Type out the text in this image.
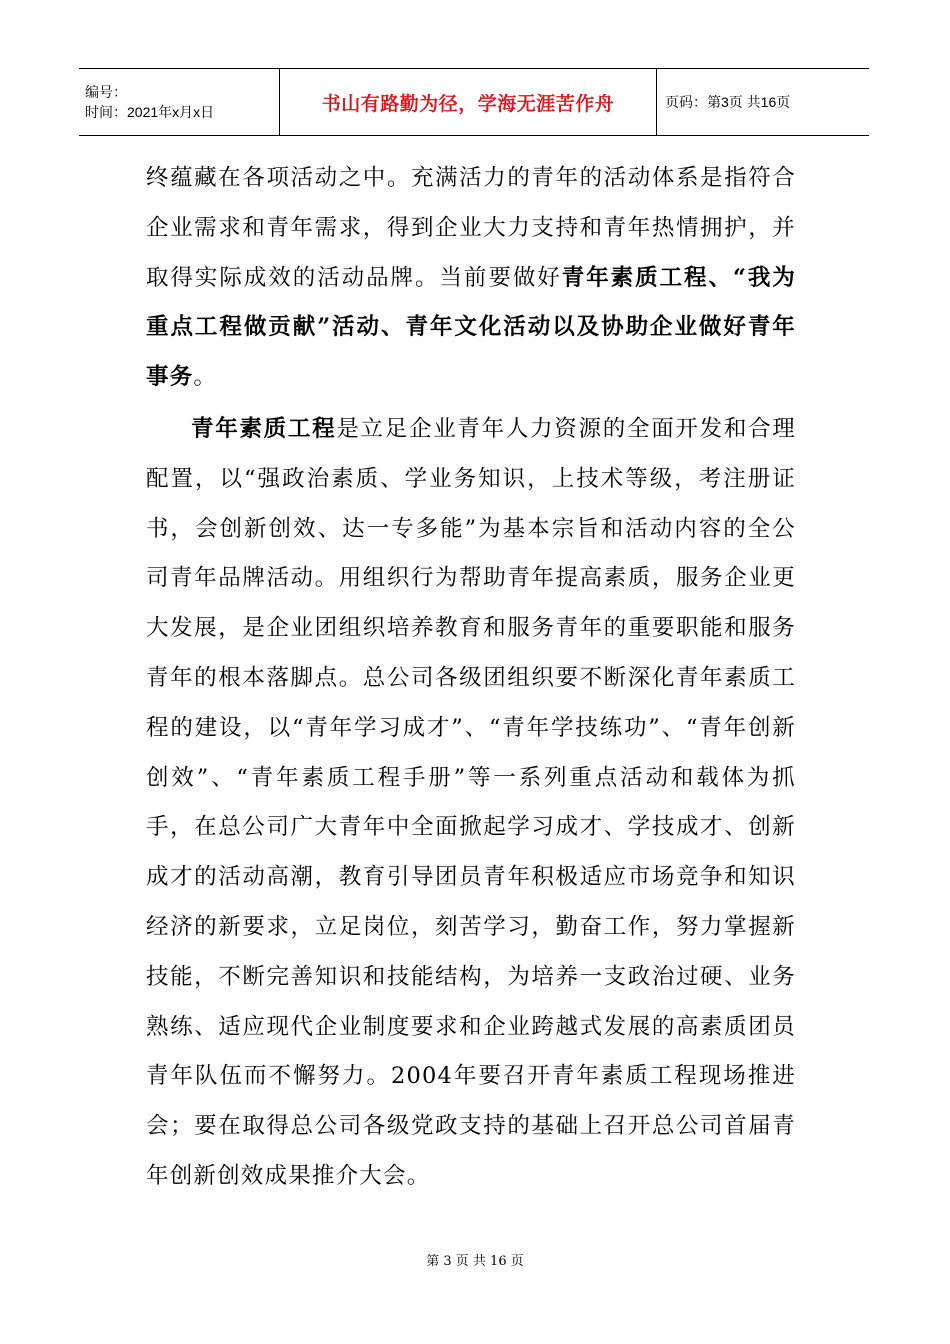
编号：
时间：2021年x月x日	书山有路勤为径，学海无涯苦作舟	页码：第3页 共16页

终蕴藏在各项活动之中。充满活力的青年的活动体系是指符合企业需求和青年需求，得到企业大力支持和青年热情拥护，并取得实际成效的活动品牌。当前要做好青年素质工程、“我为重点工程做贡献”活动、青年文化活动以及协助企业做好青年事务。

青年素质工程是立足企业青年人力资源的全面开发和合理配置，以“强政治素质、学业务知识，上技术等级，考注册证书，会创新创效、达一专多能”为基本宗旨和活动内容的全公司青年品牌活动。用组织行为帮助青年提高素质，服务企业更大发展，是企业团组织培养教育和服务青年的重要职能和服务青年的根本落脚点。总公司各级团组织要不断深化青年素质工程的建设，以“青年学习成才”、“青年学技练功”、“青年创新创效”、“青年素质工程手册”等一系列重点活动和载体为抓手，在总公司广大青年中全面掀起学习成才、学技成才、创新成才的活动高潮，教育引导团员青年积极适应市场竞争和知识经济的新要求，立足岗位，刻苦学习，勤奋工作，努力掌握新技能，不断完善知识和技能结构，为培养一支政治过硬、业务熟练、适应现代企业制度要求和企业跨越式发展的高素质团员青年队伍而不懈努力。2004年要召开青年素质工程现场推进会；要在取得总公司各级党政支持的基础上召开总公司首届青年创新创效成果推介大会。

第 3 页 共 16 页
